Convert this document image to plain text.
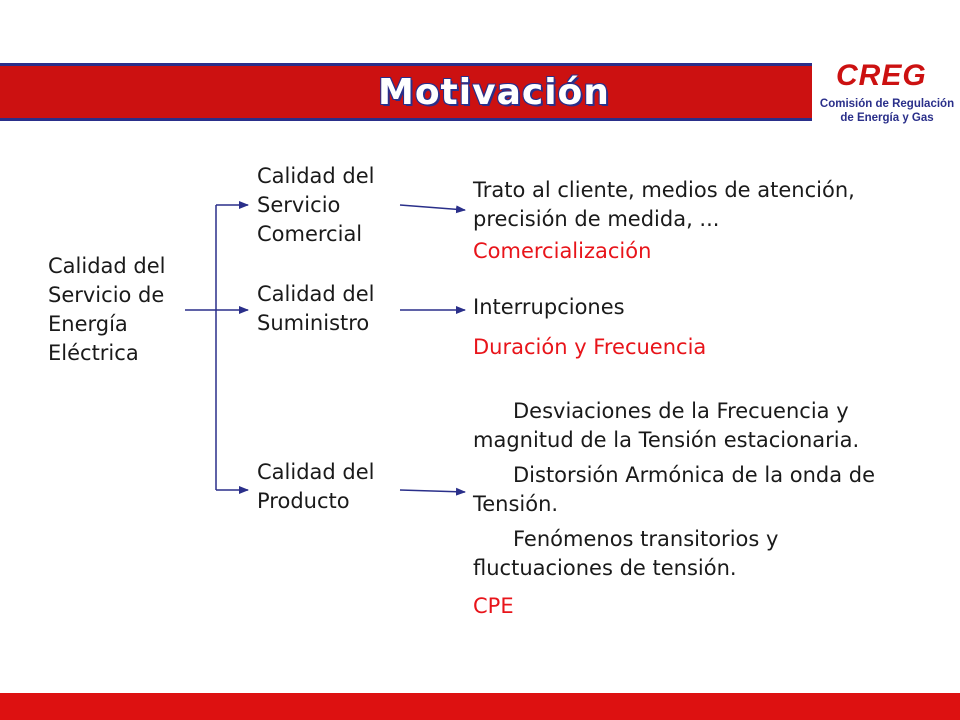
Motivación	CREG
Comisión de Regulación
de Energía y Gas
Calidad del Servicio de Energía Eléctrica
Calidad del Servicio Comercial
Calidad del Suministro
Calidad del Producto
Trato al cliente, medios de atención, precisión de medida, ...
Comercialización
Interrupciones
Duración y Frecuencia
Desviaciones de la Frecuencia y magnitud de la Tensión estacionaria.
Distorsión Armónica de la onda de Tensión.
Fenómenos transitorios y fluctuaciones de tensión.
CPE
